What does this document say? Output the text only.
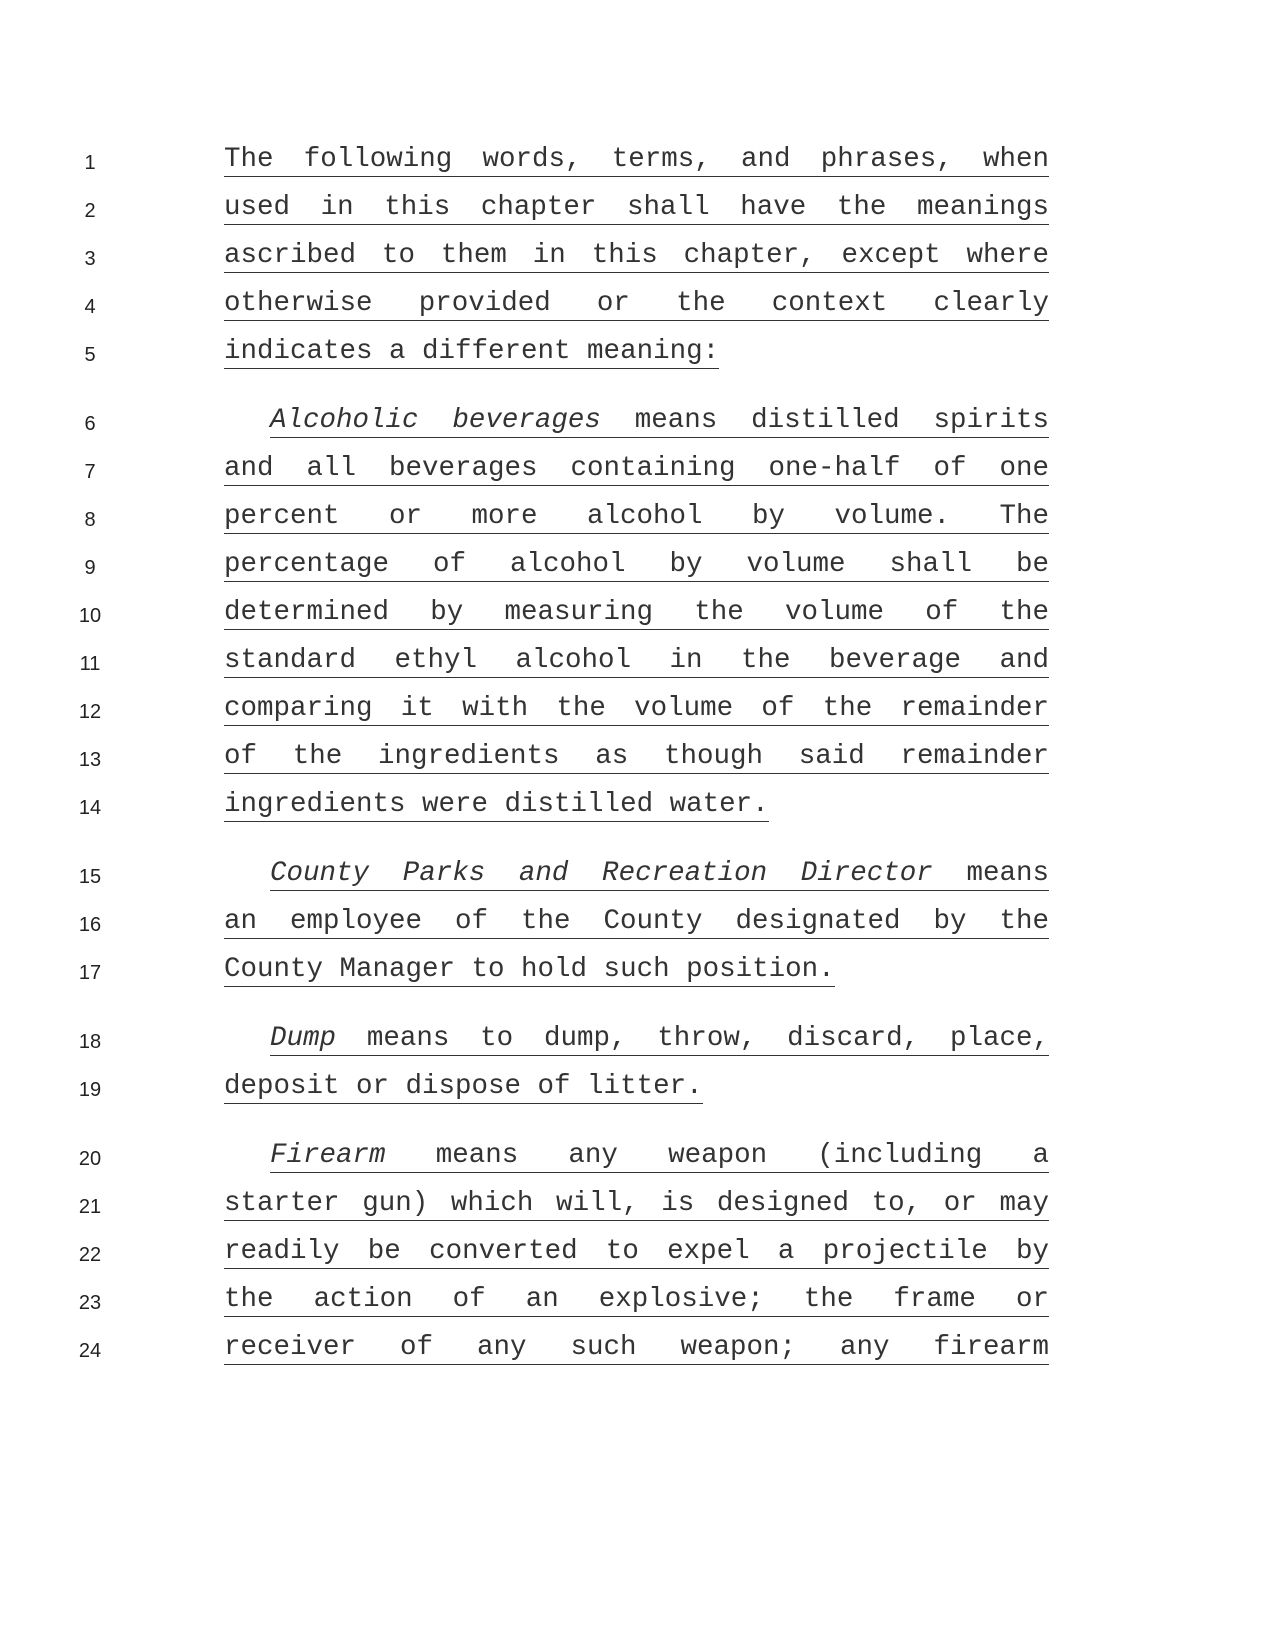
1	The following words, terms, and phrases, when
2	used in this chapter shall have the meanings
3	ascribed to them in this chapter, except where
4	otherwise provided or the context clearly
5	indicates a different meaning:
6	Alcoholic beverages means distilled spirits
7	and all beverages containing one-half of one
8	percent or more alcohol by volume. The
9	percentage of alcohol by volume shall be
10	determined by measuring the volume of the
11	standard ethyl alcohol in the beverage and
12	comparing it with the volume of the remainder
13	of the ingredients as though said remainder
14	ingredients were distilled water.
15	County Parks and Recreation Director means
16	an employee of the County designated by the
17	County Manager to hold such position.
18	Dump means to dump, throw, discard, place,
19	deposit or dispose of litter.
20	Firearm means any weapon (including a
21	starter gun) which will, is designed to, or may
22	readily be converted to expel a projectile by
23	the action of an explosive; the frame or
24	receiver of any such weapon; any firearm
